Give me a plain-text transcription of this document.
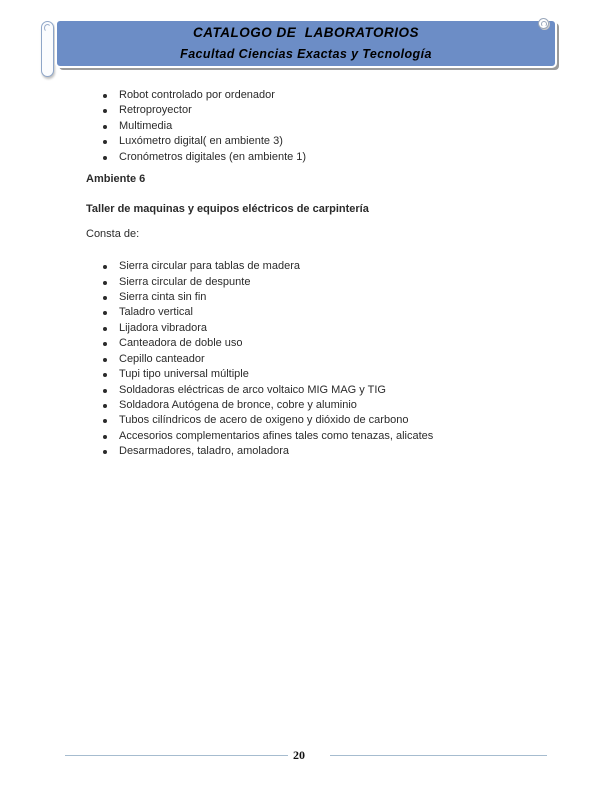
CATALOGO DE  LABORATORIOS
Facultad Ciencias Exactas y Tecnología
Robot controlado por ordenador
Retroproyector
Multimedia
Luxómetro digital( en ambiente 3)
Cronómetros digitales (en ambiente 1)
Ambiente 6
Taller de maquinas y equipos eléctricos de carpintería
Consta de:
Sierra circular para tablas de madera
Sierra circular de despunte
Sierra cinta sin fin
Taladro vertical
Lijadora vibradora
Canteadora de doble uso
Cepillo canteador
Tupi tipo universal múltiple
Soldadoras eléctricas de arco voltaico MIG MAG y TIG
Soldadora Autógena de bronce, cobre y aluminio
Tubos cilíndricos de acero de oxigeno y dióxido de carbono
Accesorios complementarios afines tales como tenazas, alicates
Desarmadores, taladro, amoladora
20
